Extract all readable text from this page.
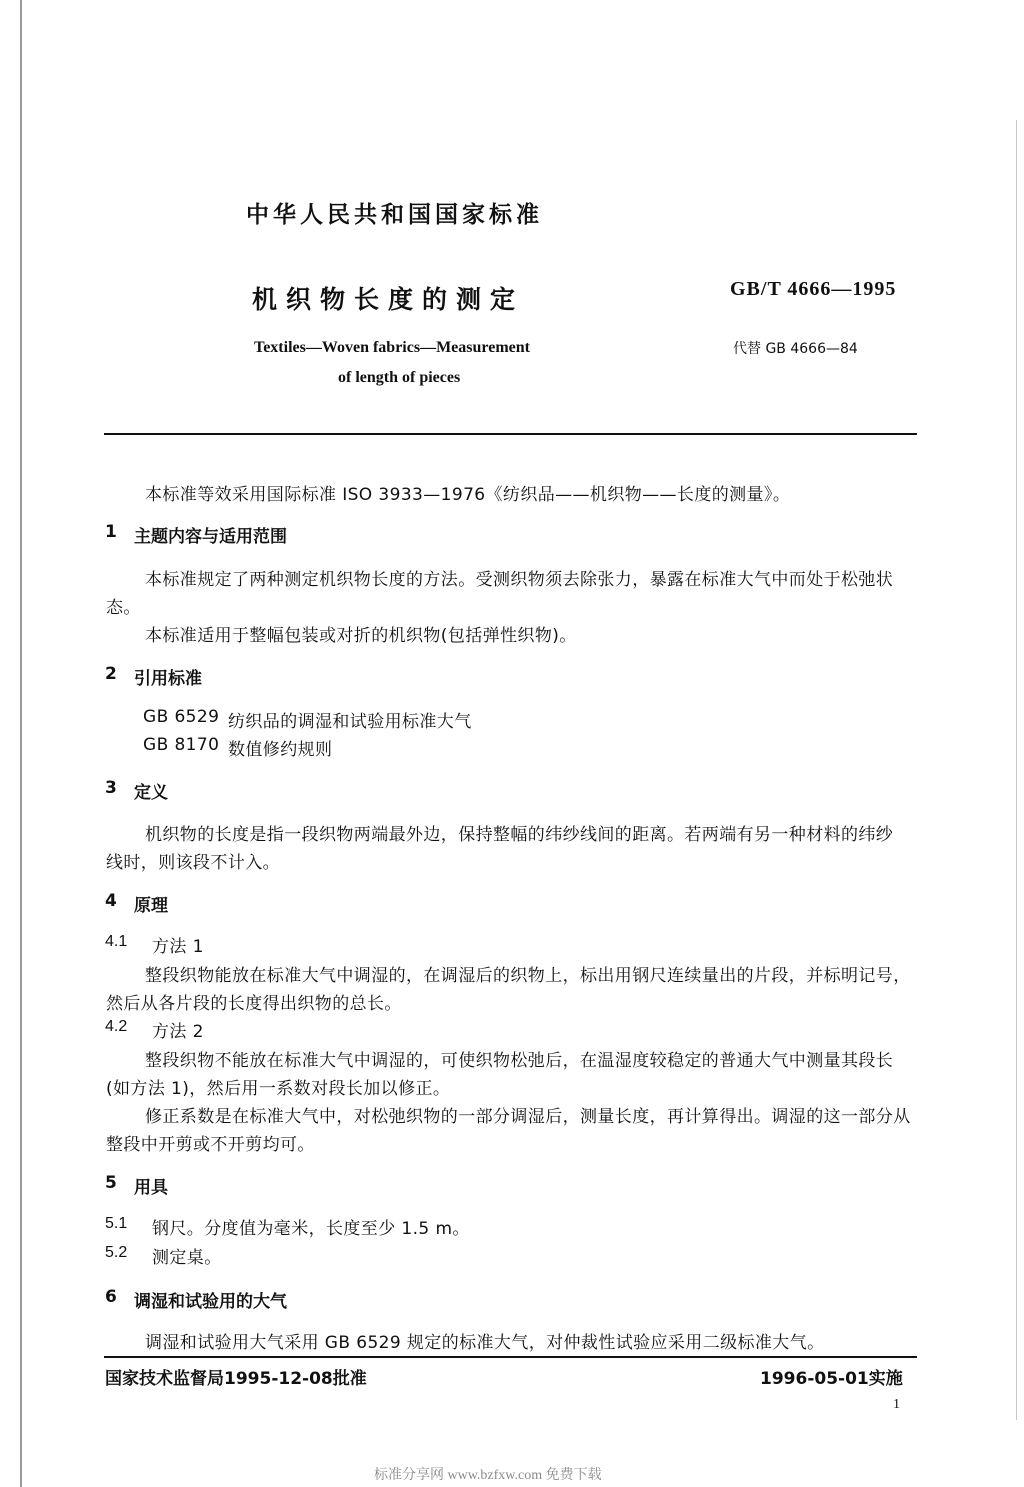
中华人民共和国国家标准
机织物长度的测定	GB/T 4666—1995
Textiles—Woven fabrics—Measurement
of length of pieces
代替 GB 4666—84
本标准等效采用国际标准 ISO 3933—1976《纺织品——机织物——长度的测量》。
1 主题内容与适用范围
本标准规定了两种测定机织物长度的方法。受测织物须去除张力，暴露在标准大气中而处于松弛状
态。
本标准适用于整幅包装或对折的机织物(包括弹性织物)。
2 引用标准
GB 6529 纺织品的调湿和试验用标准大气
GB 8170 数值修约规则
3 定义
机织物的长度是指一段织物两端最外边，保持整幅的纬纱线间的距离。若两端有另一种材料的纬纱
线时，则该段不计入。
4 原理
4.1 方法 1
整段织物能放在标准大气中调湿的，在调湿后的织物上，标出用钢尺连续量出的片段，并标明记号，
然后从各片段的长度得出织物的总长。
4.2 方法 2
整段织物不能放在标准大气中调湿的，可使织物松弛后，在温湿度较稳定的普通大气中测量其段长
(如方法 1)，然后用一系数对段长加以修正。
修正系数是在标准大气中，对松弛织物的一部分调湿后，测量长度，再计算得出。调湿的这一部分从
整段中开剪或不开剪均可。
5 用具
5.1 钢尺。分度值为毫米，长度至少 1.5 m。
5.2 测定桌。
6 调湿和试验用的大气
调湿和试验用大气采用 GB 6529 规定的标准大气，对仲裁性试验应采用二级标准大气。
国家技术监督局1995-12-08批准	1996-05-01实施
1
标准分享网 www.bzfxw.com 免费下载
